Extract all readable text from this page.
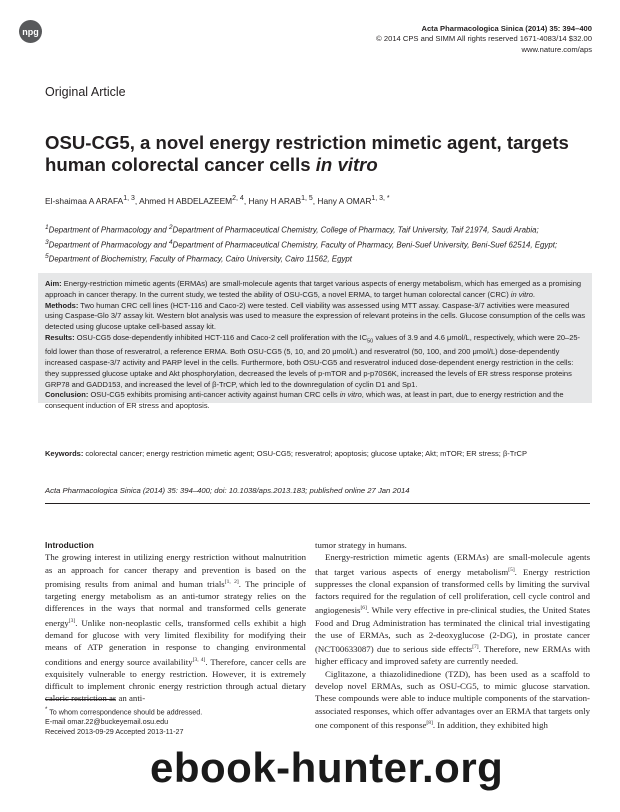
npg	Acta Pharmacologica Sinica (2014) 35: 394–400
© 2014 CPS and SIMM All rights reserved 1671-4083/14 $32.00
www.nature.com/aps
Original Article
OSU-CG5, a novel energy restriction mimetic agent, targets human colorectal cancer cells in vitro
El-shaimaa A ARAFA$^{1, 3}$, Ahmed H ABDELAZEEM$^{2, 4}$, Hany H ARAB$^{1, 5}$, Hany A $OMAR^{1, 3, *}$
$^1$Department of Pharmacology and $^2$Department of Pharmaceutical Chemistry, College of Pharmacy, Taif University, Taif 21974, Saudi Arabia; $^3$Department of Pharmacology and $^4$Department of Pharmaceutical Chemistry, Faculty of Pharmacy, Beni-Suef University, Beni-Suef 62514, Egypt; $^5$Department of Biochemistry, Faculty of Pharmacy, Cairo University, Cairo 11562, Egypt
Aim: Energy-restriction mimetic agents (ERMAs) are small-molecule agents that target various aspects of energy metabolism, which has emerged as a promising approach in cancer therapy. In the current study, we tested the ability of OSU-CG5, a novel ERMA, to target human colorectal cancer (CRC) in vitro.
Methods: Two human CRC cell lines (HCT-116 and Caco-2) were tested. Cell viability was assessed using MTT assay. Caspase-3/7 activities were measured using Caspase-Glo 3/7 assay kit. Western blot analysis was used to measure the expression of relevant proteins in the cells. Glucose consumption of the cells was detected using glucose uptake cell-based assay kit.
Results: OSU-CG5 dose-dependently inhibited HCT-116 and Caco-2 cell proliferation with the $IC_{50}$ values of 3.9 and 4.6 μmol/L, respectively, which were 20–25-fold lower than those of resveratrol, a reference ERMA. Both OSU-CG5 (5, 10, and 20 μmol/L) and resveratrol (50, 100, and 200 μmol/L) dose-dependently increased caspase-3/7 activity and PARP level in the cells. Furthermore, both OSU-CG5 and resveratrol induced dose-dependent energy restriction in the cells: they suppressed glucose uptake and Akt phosphorylation, decreased the levels of p-mTOR and p-p70S6K, increased the levels of ER stress response proteins GRP78 and GADD153, and increased the level of β-TrCP, which led to the downregulation of cyclin D1 and Sp1.
Conclusion: OSU-CG5 exhibits promising anti-cancer activity against human CRC cells in vitro, which was, at least in part, due to energy restriction and the consequent induction of ER stress and apoptosis.
Keywords: colorectal cancer; energy restriction mimetic agent; OSU-CG5; resveratrol; apoptosis; glucose uptake; Akt; mTOR; ER stress; β-TrCP
Acta Pharmacologica Sinica (2014) 35: 394–400; doi: 10.1038/aps.2013.183; published online 27 Jan 2014
Introduction

The growing interest in utilizing energy restriction without malnutrition as an approach for cancer therapy and prevention is based on the promising results from animal and human trials[1, 2]. The principle of targeting energy metabolism as an anti-tumor strategy relies on the differences in the ways that normal and transformed cells generate energy[3]. Unlike non-neoplastic cells, transformed cells exhibit a high demand for glucose with very limited flexibility for modifying their means of ATP generation in response to changing environmental conditions and energy source availability[3, 4]. Therefore, cancer cells are exquisitely vulnerable to energy restriction. However, it is extremely difficult to implement chronic energy restriction through actual dietary caloric restriction as an anti-

tumor strategy in humans.

Energy-restriction mimetic agents (ERMAs) are small-molecule agents that target various aspects of energy metabolism[5]. Energy restriction suppresses the clonal expansion of transformed cells by limiting the survival factors required for the regulation of cell proliferation, cell cycle control and angiogenesis[6]. While very effective in pre-clinical studies, the United States Food and Drug Administration has terminated the clinical trial investigating the use of ERMAs, such as 2-deoxyglucose (2-DG), in prostate cancer (NCT00633087) due to serious side effects[7]. Therefore, new ERMAs with higher efficacy and improved safety are currently needed.

Ciglitazone, a thiazolidinedione (TZD), has been used as a scaffold to develop novel ERMAs, such as OSU-CG5, to mimic glucose starvation. These compounds were able to induce multiple components of the starvation-associated responses, which offer advantages over an ERMA that targets only one component of this response[8]. In addition, they exhibited high

* To whom correspondence should be addressed.
E-mail omar.22@buckeyemail.osu.edu
Received 2013-09-29 Accepted 2013-11-27
ebook-hunter.org
